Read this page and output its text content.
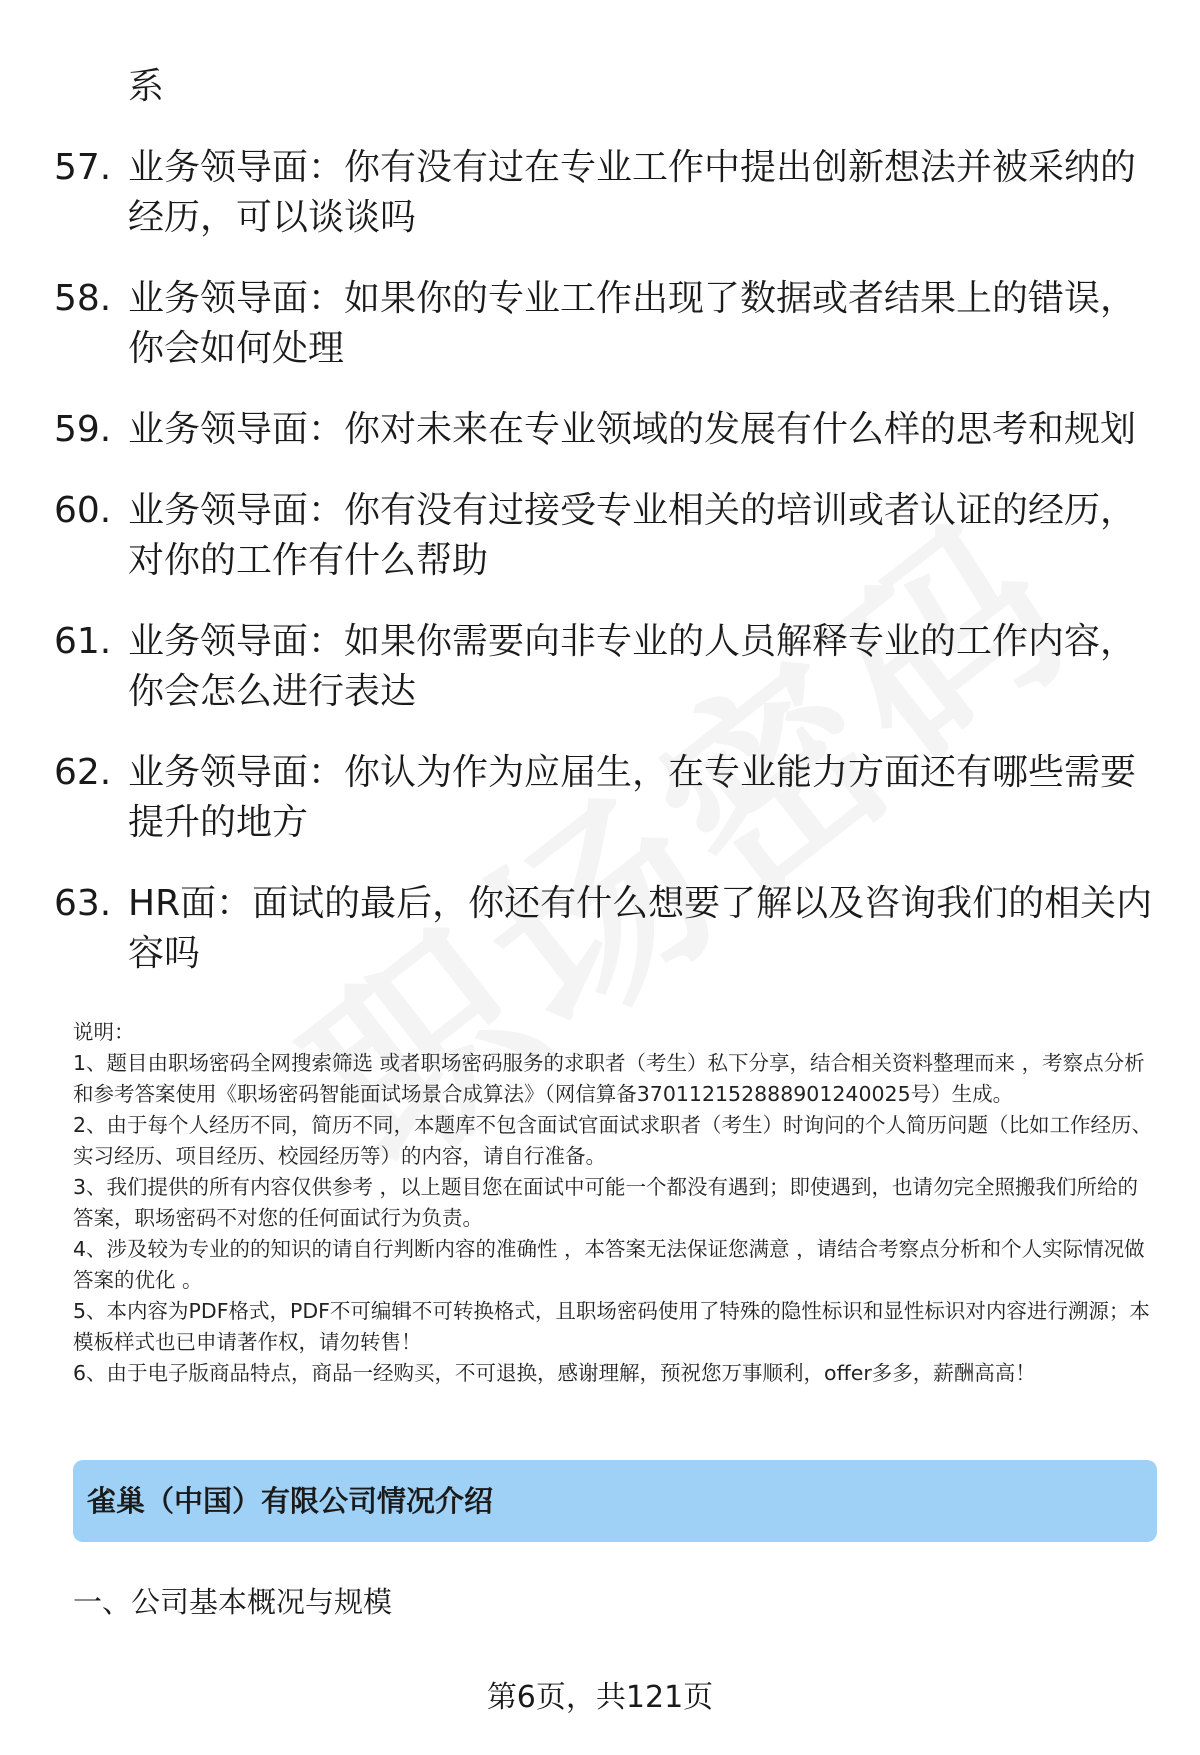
系
57. 业务领导面：你有没有过在专业工作中提出创新想法并被采纳的经历，可以谈谈吗
58. 业务领导面：如果你的专业工作出现了数据或者结果上的错误，你会如何处理
59. 业务领导面：你对未来在专业领域的发展有什么样的思考和规划
60. 业务领导面：你有没有过接受专业相关的培训或者认证的经历，对你的工作有什么帮助
61. 业务领导面：如果你需要向非专业的人员解释专业的工作内容，你会怎么进行表达
62. 业务领导面：你认为作为应届生，在专业能力方面还有哪些需要提升的地方
63. HR面：面试的最后，你还有什么想要了解以及咨询我们的相关内容吗

说明：

1、题目由职场密码全网搜索筛选 或者职场密码服务的求职者（考生）私下分享，结合相关资料整理而来 ，考察点分析和参考答案使用《职场密码智能面试场景合成算法》（网信算备370112152888901240025号）生成。

2、由于每个人经历不同，简历不同，本题库不包含面试官面试求职者（考生）时询问的个人简历问题（比如工作经历、实习经历、项目经历、校园经历等）的内容，请自行准备。

3、我们提供的所有内容仅供参考 ，以上题目您在面试中可能一个都没有遇到；即使遇到，也请勿完全照搬我们所给的答案，职场密码不对您的任何面试行为负责。

4、涉及较为专业的的知识的请自行判断内容的准确性 ，本答案无法保证您满意 ，请结合考察点分析和个人实际情况做答案的优化 。

5、本内容为PDF格式，PDF不可编辑不可转换格式，且职场密码使用了特殊的隐性标识和显性标识对内容进行溯源；本模板样式也已申请著作权，请勿转售！

6、由于电子版商品特点，商品一经购买，不可退换，感谢理解，预祝您万事顺利，offer多多，薪酬高高！

雀巢（中国）有限公司情况介绍
一、公司基本概况与规模
第6页，共121页
